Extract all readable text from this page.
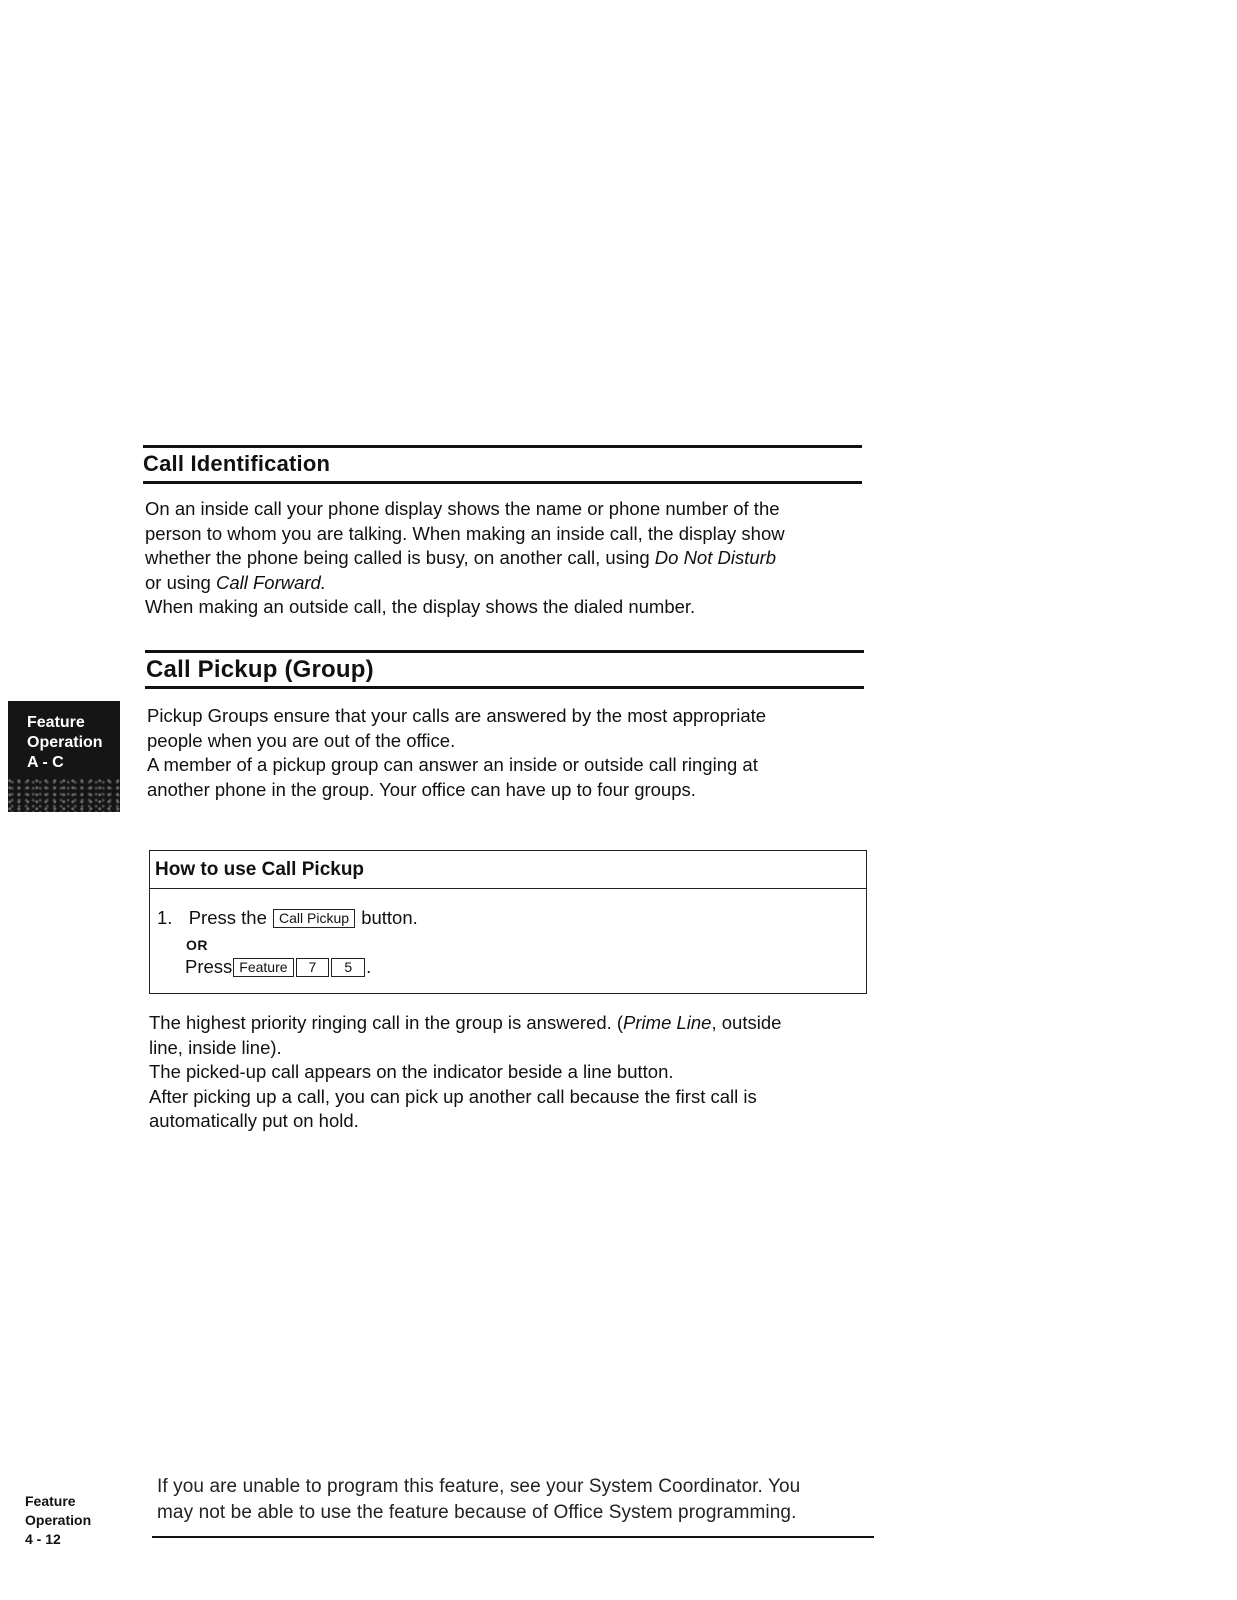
Call Identification
On an inside call your phone display shows the name or phone number of the
person to whom you are talking. When making an inside call, the display show
whether the phone being called is busy, on another call, using Do Not Disturb
or using Call Forward.
When making an outside call, the display shows the dialed number.
Call Pickup (Group)
Pickup Groups ensure that your calls are answered by the most appropriate
people when you are out of the office.
A member of a pickup group can answer an inside or outside call ringing at
another phone in the group. Your office can have up to four groups.
Feature
Operation
A - C
How to use Call Pickup
1. Press the Call Pickup button.
OR
Press Feature 7 5 .
The highest priority ringing call in the group is answered. (Prime Line, outside
line, inside line).
The picked-up call appears on the indicator beside a line button.
After picking up a call, you can pick up another call because the first call is
automatically put on hold.
Feature
Operation
4 - 12
If you are unable to program this feature, see your System Coordinator. You
may not be able to use the feature because of Office System programming.
